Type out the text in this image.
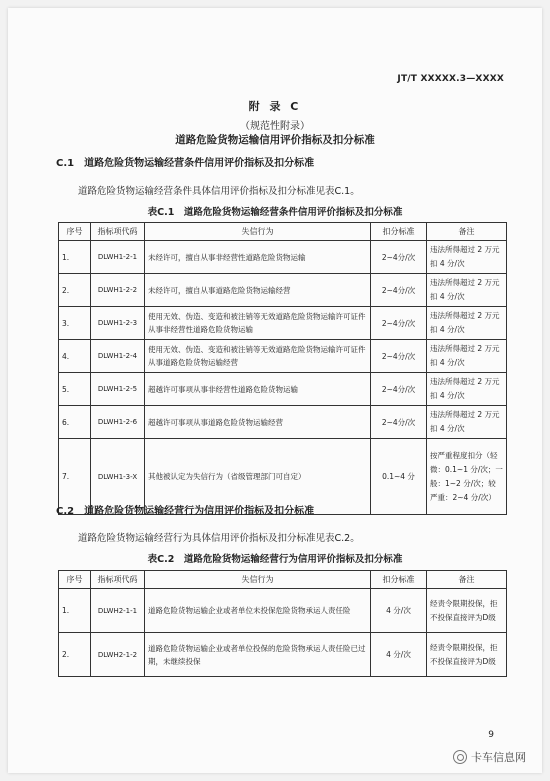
JT/T XXXXX.3—XXXX
附 录 C
（规范性附录）
道路危险货物运输信用评价指标及扣分标准
C.1　道路危险货物运输经营条件信用评价指标及扣分标准
道路危险货物运输经营条件具体信用评价指标及扣分标准见表C.1。
表C.1　道路危险货物运输经营条件信用评价指标及扣分标准
序号	指标项代码	失信行为	扣分标准	备注
1.	DLWH1-2-1	未经许可，擅自从事非经营性道路危险货物运输	2~4分/次	违法所得超过 2 万元扣 4 分/次
2.	DLWH1-2-2	未经许可，擅自从事道路危险货物运输经营	2~4分/次	违法所得超过 2 万元扣 4 分/次
3.	DLWH1-2-3	使用无效、伪造、变造和被注销等无效道路危险货物运输许可证件从事非经营性道路危险货物运输	2~4分/次	违法所得超过 2 万元扣 4 分/次
4.	DLWH1-2-4	使用无效、伪造、变造和被注销等无效道路危险货物运输许可证件从事道路危险货物运输经营	2~4分/次	违法所得超过 2 万元扣 4 分/次
5.	DLWH1-2-5	超越许可事项从事非经营性道路危险货物运输	2~4分/次	违法所得超过 2 万元扣 4 分/次
6.	DLWH1-2-6	超越许可事项从事道路危险货物运输经营	2~4分/次	违法所得超过 2 万元扣 4 分/次
7.	DLWH1-3-X	其他被认定为失信行为（省级管理部门可自定）	0.1~4 分	按严重程度扣分（轻微：0.1~1 分/次；一般：1~2 分/次；较严重：2~4 分/次）
C.2　道路危险货物运输经营行为信用评价指标及扣分标准
道路危险货物运输经营行为具体信用评价指标及扣分标准见表C.2。
表C.2　道路危险货物运输经营行为信用评价指标及扣分标准
序号	指标项代码	失信行为	扣分标准	备注
1.	DLWH2-1-1	道路危险货物运输企业或者单位未投保危险货物承运人责任险	4 分/次	经责令限期投保，拒不投保直接评为D级
2.	DLWH2-1-2	道路危险货物运输企业或者单位投保的危险货物承运人责任险已过期，未继续投保	4 分/次	经责令限期投保，拒不投保直接评为D级
9
卡车信息网
